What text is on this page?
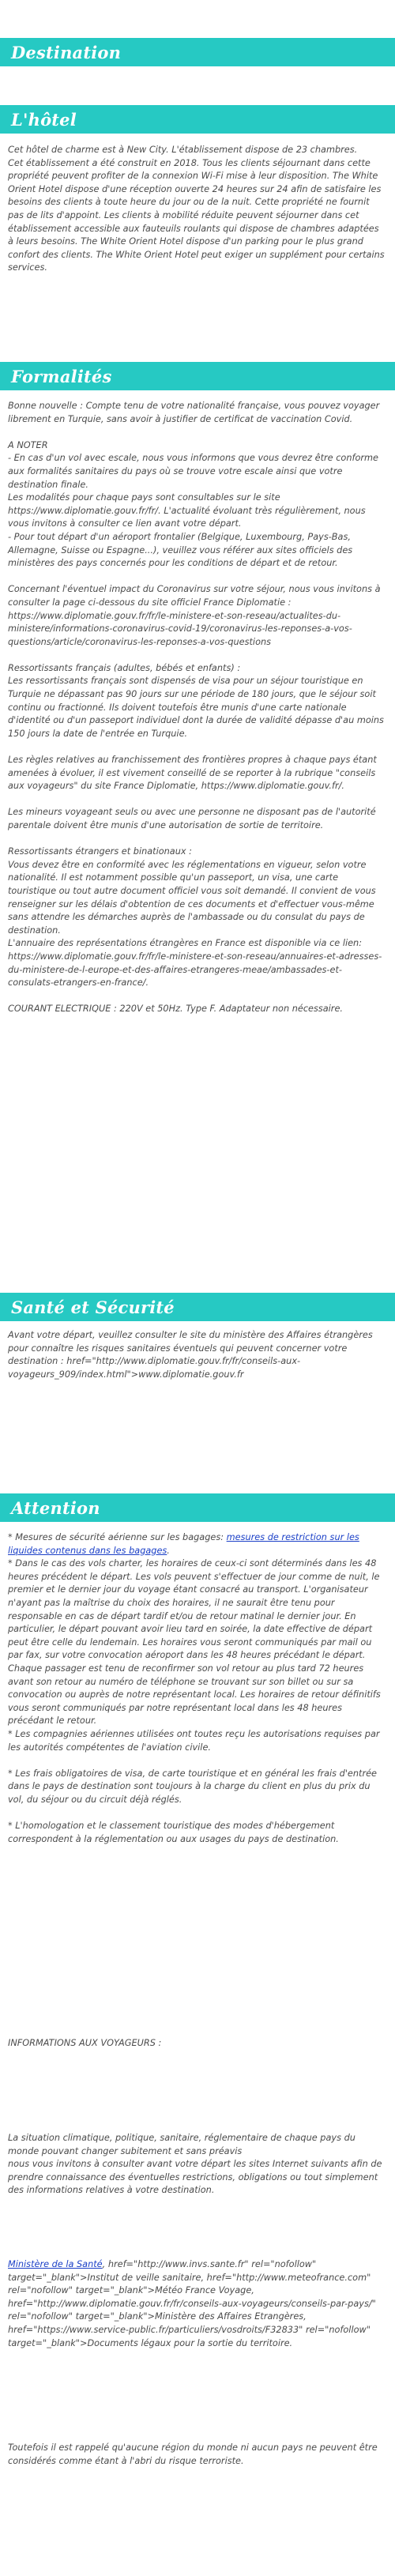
Destination
L'hôtel

Cet hôtel de charme est à New City. L'établissement dispose de 23 chambres.
Cet établissement a été construit en 2018. Tous les clients séjournant dans cette propriété peuvent profiter de la connexion Wi-Fi mise à leur disposition. The White Orient Hotel dispose d'une réception ouverte 24 heures sur 24 afin de satisfaire les besoins des clients à toute heure du jour ou de la nuit. Cette propriété ne fournit pas de lits d'appoint. Les clients à mobilité réduite peuvent séjourner dans cet établissement accessible aux fauteuils roulants qui dispose de chambres adaptées à leurs besoins. The White Orient Hotel dispose d'un parking pour le plus grand confort des clients. The White Orient Hotel peut exiger un supplément pour certains services.

Formalités

Bonne nouvelle : Compte tenu de votre nationalité française, vous pouvez voyager librement en Turquie, sans avoir à justifier de certificat de vaccination Covid.

A NOTER
- En cas d'un vol avec escale, nous vous informons que vous devrez être conforme aux formalités sanitaires du pays où se trouve votre escale ainsi que votre destination finale.
Les modalités pour chaque pays sont consultables sur le site https://www.diplomatie.gouv.fr/fr/. L'actualité évoluant très régulièrement, nous vous invitons à consulter ce lien avant votre départ.
- Pour tout départ d'un aéroport frontalier (Belgique, Luxembourg, Pays-Bas, Allemagne, Suisse ou Espagne...), veuillez vous référer aux sites officiels des ministères des pays concernés pour les conditions de départ et de retour.

Concernant l'éventuel impact du Coronavirus sur votre séjour, nous vous invitons à consulter la page ci-dessous du site officiel France Diplomatie : https://www.diplomatie.gouv.fr/fr/le-ministere-et-son-reseau/actualites-du-ministere/informations-coronavirus-covid-19/coronavirus-les-reponses-a-vos-questions/article/coronavirus-les-reponses-a-vos-questions

Ressortissants français (adultes, bébés et enfants) :
Les ressortissants français sont dispensés de visa pour un séjour touristique en Turquie ne dépassant pas 90 jours sur une période de 180 jours, que le séjour soit continu ou fractionné. Ils doivent toutefois être munis d'une carte nationale d'identité ou d'un passeport individuel dont la durée de validité dépasse d'au moins 150 jours la date de l'entrée en Turquie.

Les règles relatives au franchissement des frontières propres à chaque pays étant amenées à évoluer, il est vivement conseillé de se reporter à la rubrique "conseils aux voyageurs" du site France Diplomatie, https://www.diplomatie.gouv.fr/.

Les mineurs voyageant seuls ou avec une personne ne disposant pas de l'autorité parentale doivent être munis d'une autorisation de sortie de territoire.

Ressortissants étrangers et binationaux :
Vous devez être en conformité avec les réglementations en vigueur, selon votre nationalité. Il est notamment possible qu'un passeport, un visa, une carte touristique ou tout autre document officiel vous soit demandé. Il convient de vous renseigner sur les délais d'obtention de ces documents et d'effectuer vous-même sans attendre les démarches auprès de l'ambassade ou du consulat du pays de destination.
L'annuaire des représentations étrangères en France est disponible via ce lien: https://www.diplomatie.gouv.fr/fr/le-ministere-et-son-reseau/annuaires-et-adresses-du-ministere-de-l-europe-et-des-affaires-etrangeres-meae/ambassades-et-consulats-etrangers-en-france/.

COURANT ELECTRIQUE : 220V et 50Hz. Type F. Adaptateur non nécessaire.

Santé et Sécurité

Avant votre départ, veuillez consulter le site du ministère des Affaires étrangères pour connaître les risques sanitaires éventuels qui peuvent concerner votre destination : href="http://www.diplomatie.gouv.fr/fr/conseils-aux-voyageurs_909/index.html">www.diplomatie.gouv.fr

Attention

* Mesures de sécurité aérienne sur les bagages: mesures de restriction sur les liquides contenus dans les bagages.

* Dans le cas des vols charter, les horaires de ceux-ci sont déterminés dans les 48 heures précédent le départ. Les vols peuvent s'effectuer de jour comme de nuit, le premier et le dernier jour du voyage étant consacré au transport. L'organisateur n'ayant pas la maîtrise du choix des horaires, il ne saurait être tenu pour responsable en cas de départ tardif et/ou de retour matinal le dernier jour. En particulier, le départ pouvant avoir lieu tard en soirée, la date effective de départ peut être celle du lendemain. Les horaires vous seront communiqués par mail ou par fax, sur votre convocation aéroport dans les 48 heures précédant le départ. Chaque passager est tenu de reconfirmer son vol retour au plus tard 72 heures avant son retour au numéro de téléphone se trouvant sur son billet ou sur sa convocation ou auprès de notre représentant local. Les horaires de retour définitifs vous seront communiqués par notre représentant local dans les 48 heures précédant le retour.
* Les compagnies aériennes utilisées ont toutes reçu les autorisations requises par les autorités compétentes de l'aviation civile.

* Les frais obligatoires de visa, de carte touristique et en général les frais d'entrée dans le pays de destination sont toujours à la charge du client en plus du prix du vol, du séjour ou du circuit déjà réglés.

* L'homologation et le classement touristique des modes d'hébergement correspondent à la réglementation ou aux usages du pays de destination.

INFORMATIONS AUX VOYAGEURS :

La situation climatique, politique, sanitaire, réglementaire de chaque pays du monde pouvant changer subitement et sans préavis
nous vous invitons à consulter avant votre départ les sites Internet suivants afin de prendre connaissance des éventuelles restrictions, obligations ou tout simplement des informations relatives à votre destination.

Ministère de la Santé, href="http://www.invs.sante.fr" rel="nofollow" target="_blank">Institut de veille sanitaire, href="http://www.meteofrance.com" rel="nofollow" target="_blank">Météo France Voyage, href="http://www.diplomatie.gouv.fr/fr/conseils-aux-voyageurs/conseils-par-pays/" rel="nofollow" target="_blank">Ministère des Affaires Etrangères, href="https://www.service-public.fr/particuliers/vosdroits/F32833" rel="nofollow" target="_blank">Documents légaux pour la sortie du territoire.

Toutefois il est rappelé qu'aucune région du monde ni aucun pays ne peuvent être considérés comme étant à l'abri du risque terroriste.
